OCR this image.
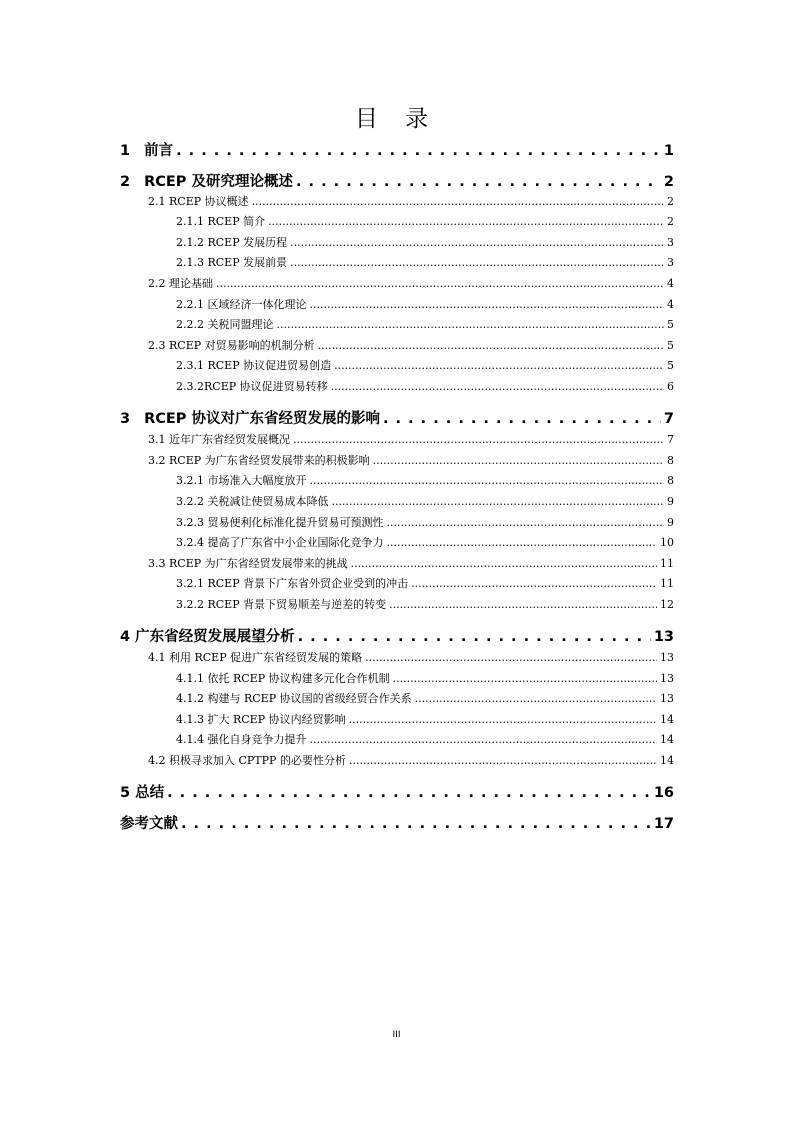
目 录
1 前言 . . .	1
2 RCEP 及研究理论概述 . . .	2
2.1 RCEP 协议概述 .....	2
2.1.1 RCEP 简介 .....	2
2.1.2 RCEP 发展历程 .....	3
2.1.3 RCEP 发展前景 .....	3
2.2 理论基础 .....	4
2.2.1 区域经济一体化理论 .....	4
2.2.2 关税同盟理论 .....	5
2.3 RCEP 对贸易影响的机制分析 .....	5
2.3.1 RCEP 协议促进贸易创造 .....	5
2.3.2RCEP 协议促进贸易转移 .....	6
3 RCEP 协议对广东省经贸发展的影响 . . .	7
3.1 近年广东省经贸发展概况 .....	7
3.2 RCEP 为广东省经贸发展带来的积极影响 .....	8
3.2.1 市场准入大幅度放开 .....	8
3.2.2 关税减让使贸易成本降低 .....	9
3.2.3 贸易便利化标准化提升贸易可预测性 .....	9
3.2.4 提高了广东省中小企业国际化竞争力 .....	10
3.3 RCEP 为广东省经贸发展带来的挑战 .....	11
3.2.1 RCEP 背景下广东省外贸企业受到的冲击 .....	11
3.2.2 RCEP 背景下贸易顺差与逆差的转变 .....	12
4 广东省经贸发展展望分析 . . .	13
4.1 利用 RCEP 促进广东省经贸发展的策略 .....	13
4.1.1 依托 RCEP 协议构建多元化合作机制 .....	13
4.1.2 构建与 RCEP 协议国的省级经贸合作关系 .....	13
4.1.3 扩大 RCEP 协议内经贸影响 .....	14
4.1.4 强化自身竞争力提升 .....	14
4.2 积极寻求加入 CPTPP 的必要性分析 .....	14
5 总结 . . .	16
参考文献 . . .	17
III
